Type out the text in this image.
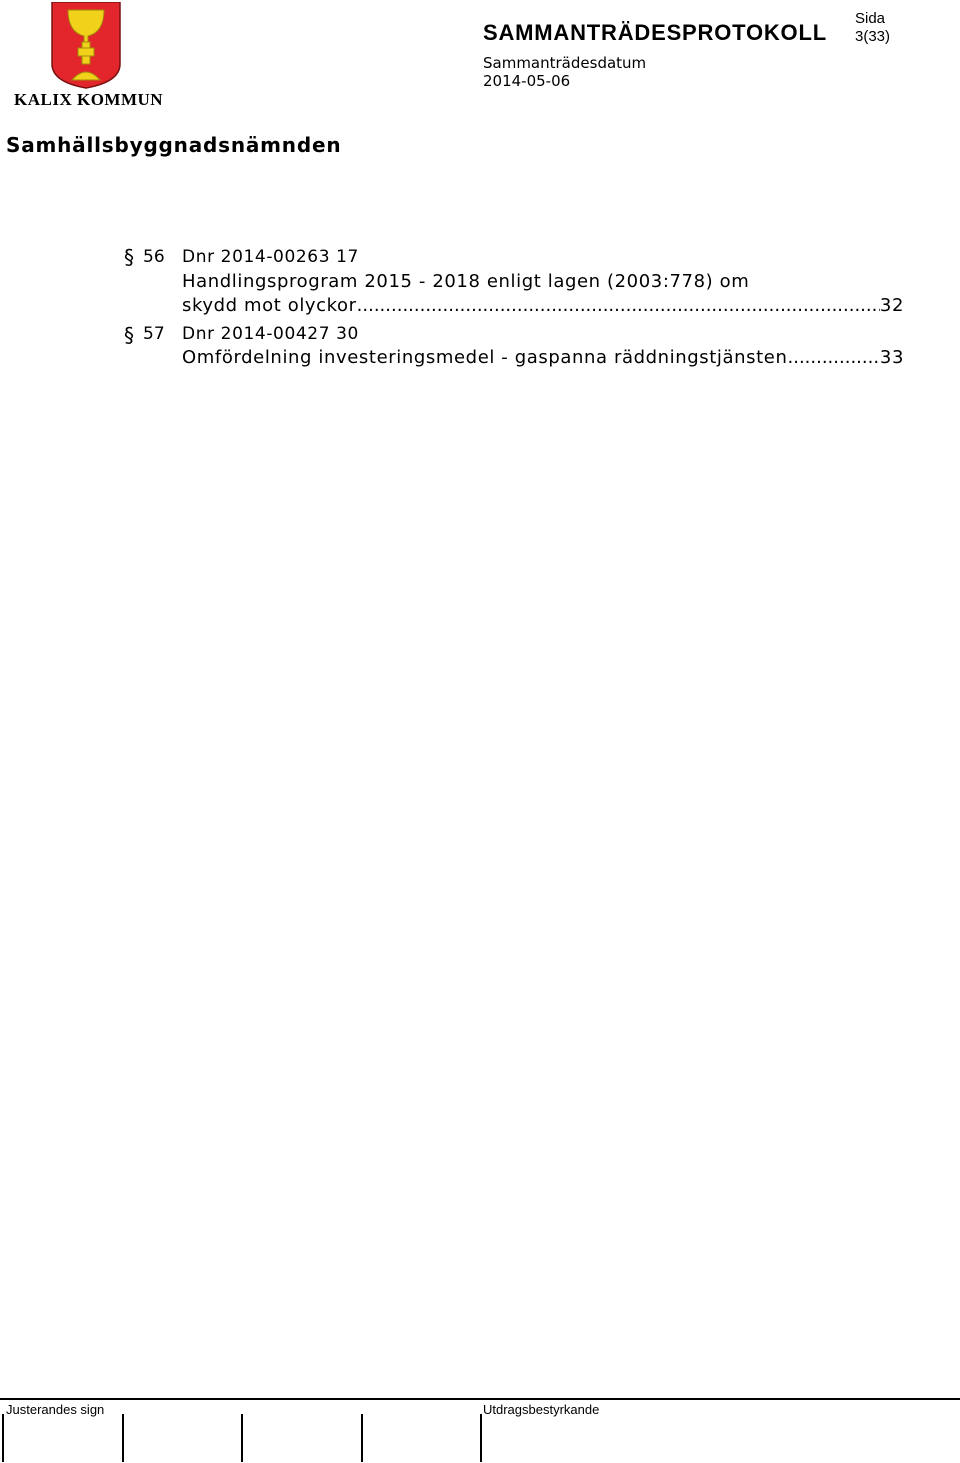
KALIX KOMMUN
SAMMANTRÄDESPROTOKOLL
Sida
3(33)
Sammanträdesdatum
2014-05-06
Samhällsbyggnadsnämnden
§ 56 Dnr 2014-00263 17
Handlingsprogram 2015 - 2018 enligt lagen (2003:778) om
skydd mot olyckor .....	32
§ 57 Dnr 2014-00427 30
Omfördelning investeringsmedel - gaspanna räddningstjänsten .....	33
Justerandes sign	Utdragsbestyrkande
